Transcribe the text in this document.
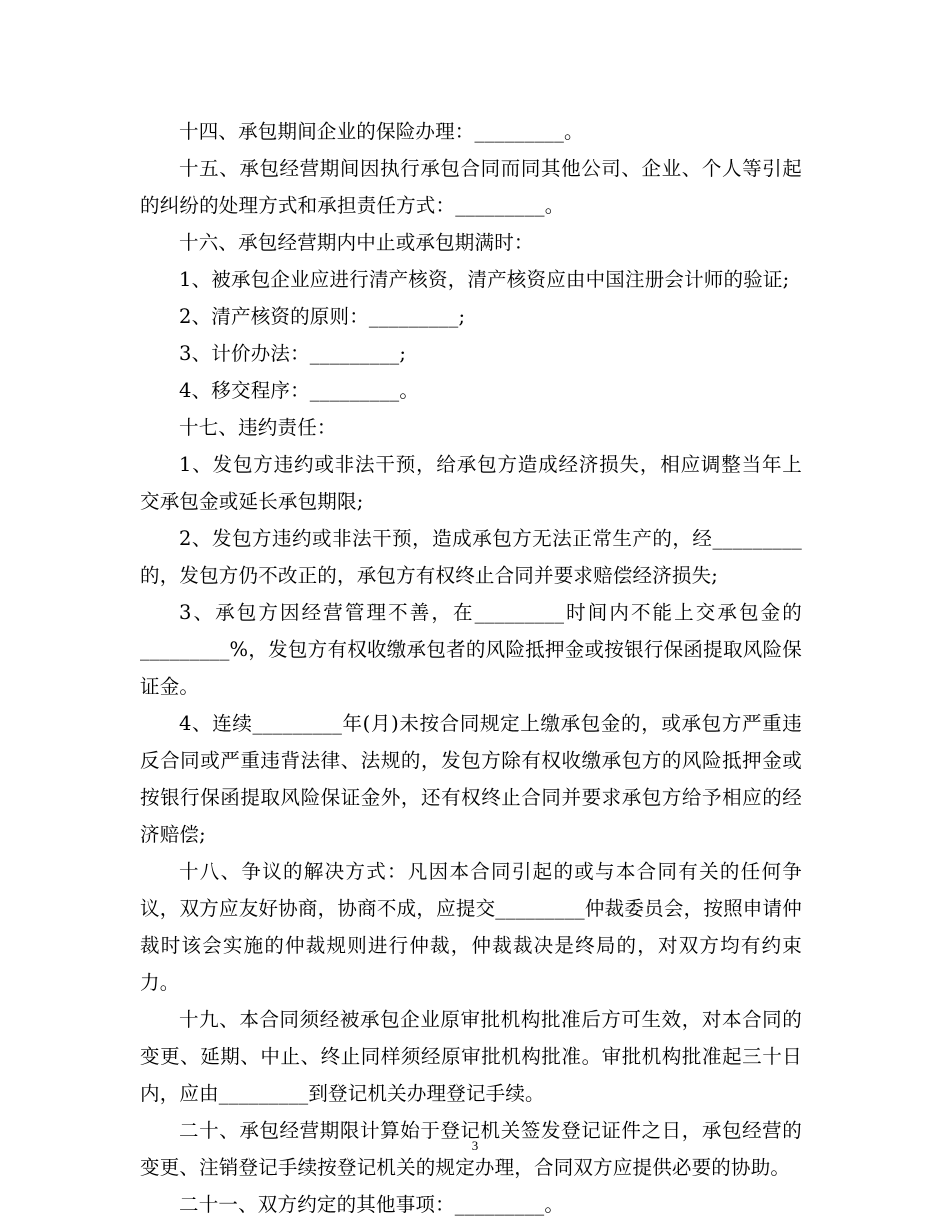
十四、承包期间企业的保险办理：_________。

十五、承包经营期间因执行承包合同而同其他公司、企业、个人等引起的纠纷的处理方式和承担责任方式：_________。

十六、承包经营期内中止或承包期满时：

1、被承包企业应进行清产核资，清产核资应由中国注册会计师的验证;

2、清产核资的原则：_________;

3、计价办法：_________;

4、移交程序：_________。

十七、违约责任：

1、发包方违约或非法干预，给承包方造成经济损失，相应调整当年上交承包金或延长承包期限;

2、发包方违约或非法干预，造成承包方无法正常生产的，经_________的，发包方仍不改正的，承包方有权终止合同并要求赔偿经济损失;

3、承包方因经营管理不善，在_________时间内不能上交承包金的_________%，发包方有权收缴承包者的风险抵押金或按银行保函提取风险保证金。

4、连续_________年(月)未按合同规定上缴承包金的，或承包方严重违反合同或严重违背法律、法规的，发包方除有权收缴承包方的风险抵押金或按银行保函提取风险保证金外，还有权终止合同并要求承包方给予相应的经济赔偿;

十八、争议的解决方式：凡因本合同引起的或与本合同有关的任何争议，双方应友好协商，协商不成，应提交_________仲裁委员会，按照申请仲裁时该会实施的仲裁规则进行仲裁，仲裁裁决是终局的，对双方均有约束力。

十九、本合同须经被承包企业原审批机构批准后方可生效，对本合同的变更、延期、中止、终止同样须经原审批机构批准。审批机构批准起三十日内，应由_________到登记机关办理登记手续。

二十、承包经营期限计算始于登记机关签发登记证件之日，承包经营的变更、注销登记手续按登记机关的规定办理，合同双方应提供必要的协助。

二十一、双方约定的其他事项：_________。

3
